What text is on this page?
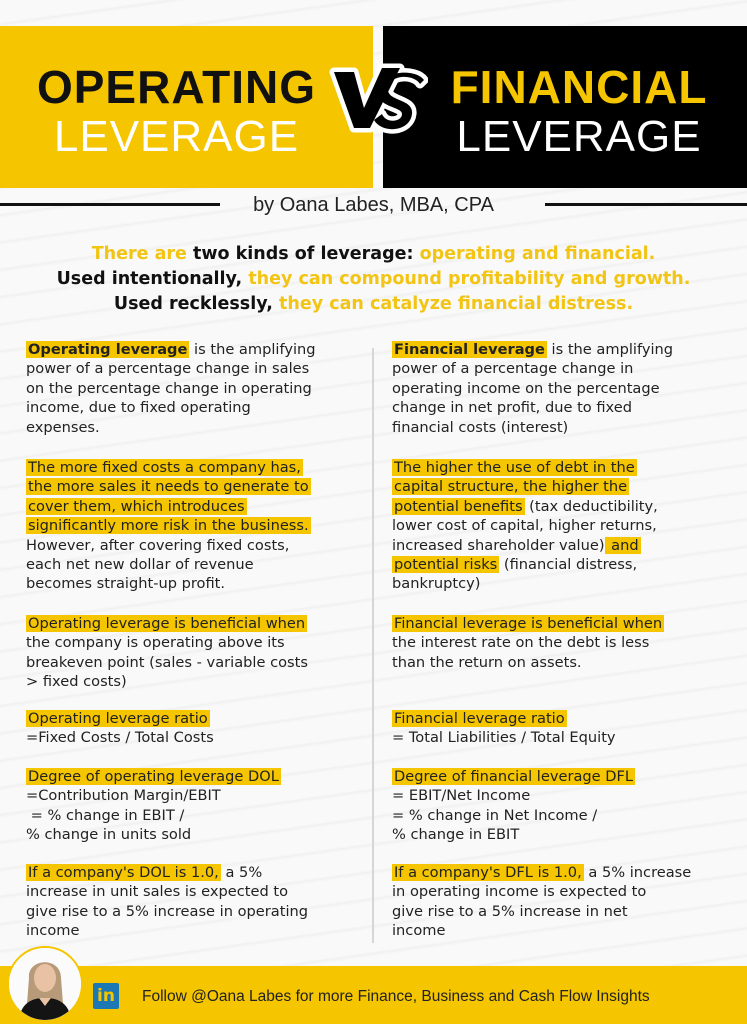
OPERATING
LEVERAGE
FINANCIAL
LEVERAGE
by Oana Labes, MBA, CPA
There are two kinds of leverage: operating and financial.
Used intentionally, they can compound profitability and growth.
Used recklessly, they can catalyze financial distress.
Operating leverage is the amplifying
power of a percentage change in sales
on the percentage change in operating
income, due to fixed operating
expenses.
The more fixed costs a company has,
the more sales it needs to generate to
cover them, which introduces
significantly more risk in the business.
However, after covering fixed costs,
each net new dollar of revenue
becomes straight-up profit.
Operating leverage is beneficial when
the company is operating above its
breakeven point (sales - variable costs
> fixed costs)
Operating leverage ratio
=Fixed Costs / Total Costs
Degree of operating leverage DOL
=Contribution Margin/EBIT
= % change in EBIT /
% change in units sold
If a company's DOL is 1.0, a 5%
increase in unit sales is expected to
give rise to a 5% increase in operating
income
Financial leverage is the amplifying
power of a percentage change in
operating income on the percentage
change in net profit, due to fixed
financial costs (interest)
The higher the use of debt in the
capital structure, the higher the
potential benefits (tax deductibility,
lower cost of capital, higher returns,
increased shareholder value) and
potential risks (financial distress,
bankruptcy)
Financial leverage is beneficial when
the interest rate on the debt is less
than the return on assets.
Financial leverage ratio
= Total Liabilities / Total Equity
Degree of financial leverage DFL
= EBIT/Net Income
= % change in Net Income /
% change in EBIT
If a company's DFL is 1.0, a 5% increase
in operating income is expected to
give rise to a 5% increase in net
income
Follow @Oana Labes for more Finance, Business and Cash Flow Insights
in
